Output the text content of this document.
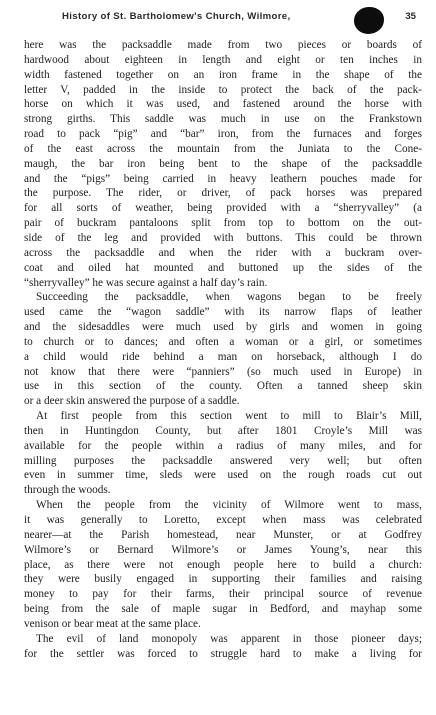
History of St. Bartholomew's Church, Wilmore,	35
here was the packsaddle made from two pieces or boards of
hardwood about eighteen in length and eight or ten inches in
width fastened together on an iron frame in the shape of the
letter V, padded in the inside to protect the back of the pack-
horse on which it was used, and fastened around the horse with
strong girths. This saddle was much in use on the Frankstown
road to pack “pig” and “bar” iron, from the furnaces and forges
of the east across the mountain from the Juniata to the Cone-
maugh, the bar iron being bent to the shape of the packsaddle
and the “pigs” being carried in heavy leathern pouches made for
the purpose. The rider, or driver, of pack horses was prepared
for all sorts of weather, being provided with a “sherryvalley” (a
pair of buckram pantaloons split from top to bottom on the out-
side of the leg and provided with buttons. This could be thrown
across the packsaddle and when the rider with a buckram over-
coat and oiled hat mounted and buttoned up the sides of the
“sherryvalley” he was secure against a half day’s rain.
Succeeding the packsaddle, when wagons began to be freely
used came the “wagon saddle” with its narrow flaps of leather
and the sidesaddles were much used by girls and women in going
to church or to dances; and often a woman or a girl, or sometimes
a child would ride behind a man on horseback, although I do
not know that there were “panniers” (so much used in Europe) in
use in this section of the county. Often a tanned sheep skin
or a deer skin answered the purpose of a saddle.
At first people from this section went to mill to Blair’s Mill,
then in Huntingdon County, but after 1801 Croyle’s Mill was
available for the people within a radius of many miles, and for
milling purposes the packsaddle answered very well; but often
even in summer time, sleds were used on the rough roads cut out
through the woods.
When the people from the vicinity of Wilmore went to mass,
it was generally to Loretto, except when mass was celebrated
nearer—at the Parish homestead, near Munster, or at Godfrey
Wilmore’s or Bernard Wilmore’s or James Young’s, near this
place, as there were not enough people here to build a church:
they were busily engaged in supporting their families and raising
money to pay for their farms, their principal source of revenue
being from the sale of maple sugar in Bedford, and mayhap some
venison or bear meat at the same place.
The evil of land monopoly was apparent in those pioneer days;
for the settler was forced to struggle hard to make a living for
